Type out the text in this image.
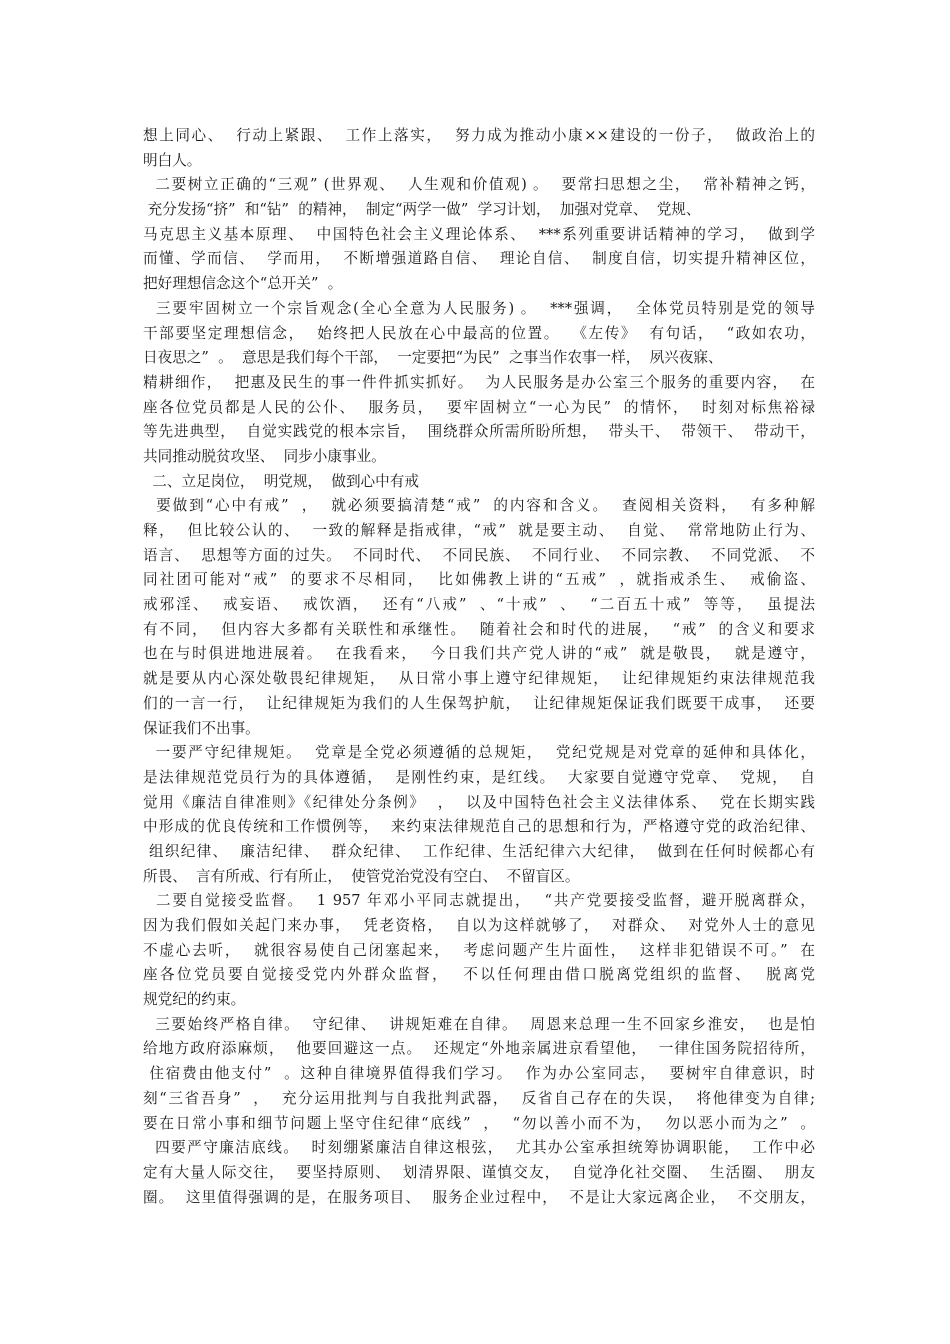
想上同心、  行动上紧跟、  工作上落实，  努力成为推动小康××建设的一份子，  做政治上的
明白人。
二要树立正确的“三观” (世界观、  人生观和价值观) 。  要常扫思想之尘，  常补精神之钙，
充分发扬“挤”  和“钻”  的精神，  制定“两学一做”  学习计划，  加强对党章、  党规、
马克思主义基本原理、  中国特色社会主义理论体系、  ***系列重要讲话精神的学习，  做到学
而懂、学而信、  学而用，  不断增强道路自信、  理论自信、  制度自信，切实提升精神区位，
把好理想信念这个“总开关”  。
三要牢固树立一个宗旨观念(全心全意为人民服务) 。  ***强调，  全体党员特别是党的领导
干部要坚定理想信念，  始终把人民放在心中最高的位置。  《左传》  有句话，  “政如农功，
日夜思之”  。  意思是我们每个干部，  一定要把“为民”  之事当作农事一样，  夙兴夜寐、
精耕细作，  把惠及民生的事一件件抓实抓好。  为人民服务是办公室三个服务的重要内容，  在
座各位党员都是人民的公仆、  服务员，  要牢固树立“一心为民”  的情怀，  时刻对标焦裕禄
等先进典型，  自觉实践党的根本宗旨，  围绕群众所需所盼所想，  带头干、  带领干、  带动干，
共同推动脱贫攻坚、  同步小康事业。
二、立足岗位，  明党规，  做到心中有戒
要做到“心中有戒”  ，  就必须要搞清楚“戒”  的内容和含义。  查阅相关资料，  有多种解
释，  但比较公认的、  一致的解释是指戒律，“戒”  就是要主动、  自觉、  常常地防止行为、
语言、  思想等方面的过失。  不同时代、  不同民族、  不同行业、  不同宗教、  不同党派、  不
同社团可能对“戒”  的要求不尽相同，  比如佛教上讲的“五戒”  ，就指戒杀生、  戒偷盗、
戒邪淫、  戒妄语、  戒饮酒，  还有“八戒”  、“十戒”  、  “二百五十戒”  等等，  虽提法
有不同，  但内容大多都有关联性和承继性。  随着社会和时代的进展，  “戒”  的含义和要求
也在与时俱进地进展着。  在我看来，  今日我们共产党人讲的“戒”  就是敬畏，  就是遵守，
就是要从内心深处敬畏纪律规矩，  从日常小事上遵守纪律规矩，  让纪律规矩约束法律规范我
们的一言一行，  让纪律规矩为我们的人生保驾护航，  让纪律规矩保证我们既要干成事，  还要
保证我们不出事。
一要严守纪律规矩。  党章是全党必须遵循的总规矩，  党纪党规是对党章的延伸和具体化，
是法律规范党员行为的具体遵循，  是刚性约束，是红线。  大家要自觉遵守党章、  党规，  自
觉用《廉洁自律准则》《纪律处分条例》  ，  以及中国特色社会主义法律体系、  党在长期实践
中形成的优良传统和工作惯例等，  来约束法律规范自己的思想和行为，严格遵守党的政治纪律、
组织纪律、  廉洁纪律、  群众纪律、  工作纪律、生活纪律六大纪律，  做到在任何时候都心有
所畏、  言有所戒、行有所止，  使管党治党没有空白、  不留盲区。
二要自觉接受监督。  1 957 年邓小平同志就提出，  “共产党要接受监督，避开脱离群众，
因为我们假如关起门来办事，  凭老资格，  自以为这样就够了，  对群众、  对党外人士的意见
不虚心去听，  就很容易使自己闭塞起来，  考虑问题产生片面性，  这样非犯错误不可。”  在
座各位党员要自觉接受党内外群众监督，  不以任何理由借口脱离党组织的监督、  脱离党
规党纪的约束。
三要始终严格自律。  守纪律、  讲规矩难在自律。  周恩来总理一生不回家乡淮安，  也是怕
给地方政府添麻烦，  他要回避这一点。  还规定“外地亲属进京看望他，  一律住国务院招待所，
住宿费由他支付”  。这种自律境界值得我们学习。  作为办公室同志，  要树牢自律意识，时
刻“三省吾身”  ，  充分运用批判与自我批判武器，  反省自己存在的失误，  将他律变为自律;
要在日常小事和细节问题上坚守住纪律“底线”  ，  “勿以善小而不为，  勿以恶小而为之”  。
四要严守廉洁底线。  时刻绷紧廉洁自律这根弦，  尤其办公室承担统筹协调职能，  工作中必
定有大量人际交往，  要坚持原则、  划清界限、谨慎交友，  自觉净化社交圈、  生活圈、  朋友
圈。  这里值得强调的是，在服务项目、  服务企业过程中，  不是让大家远离企业，  不交朋友，
